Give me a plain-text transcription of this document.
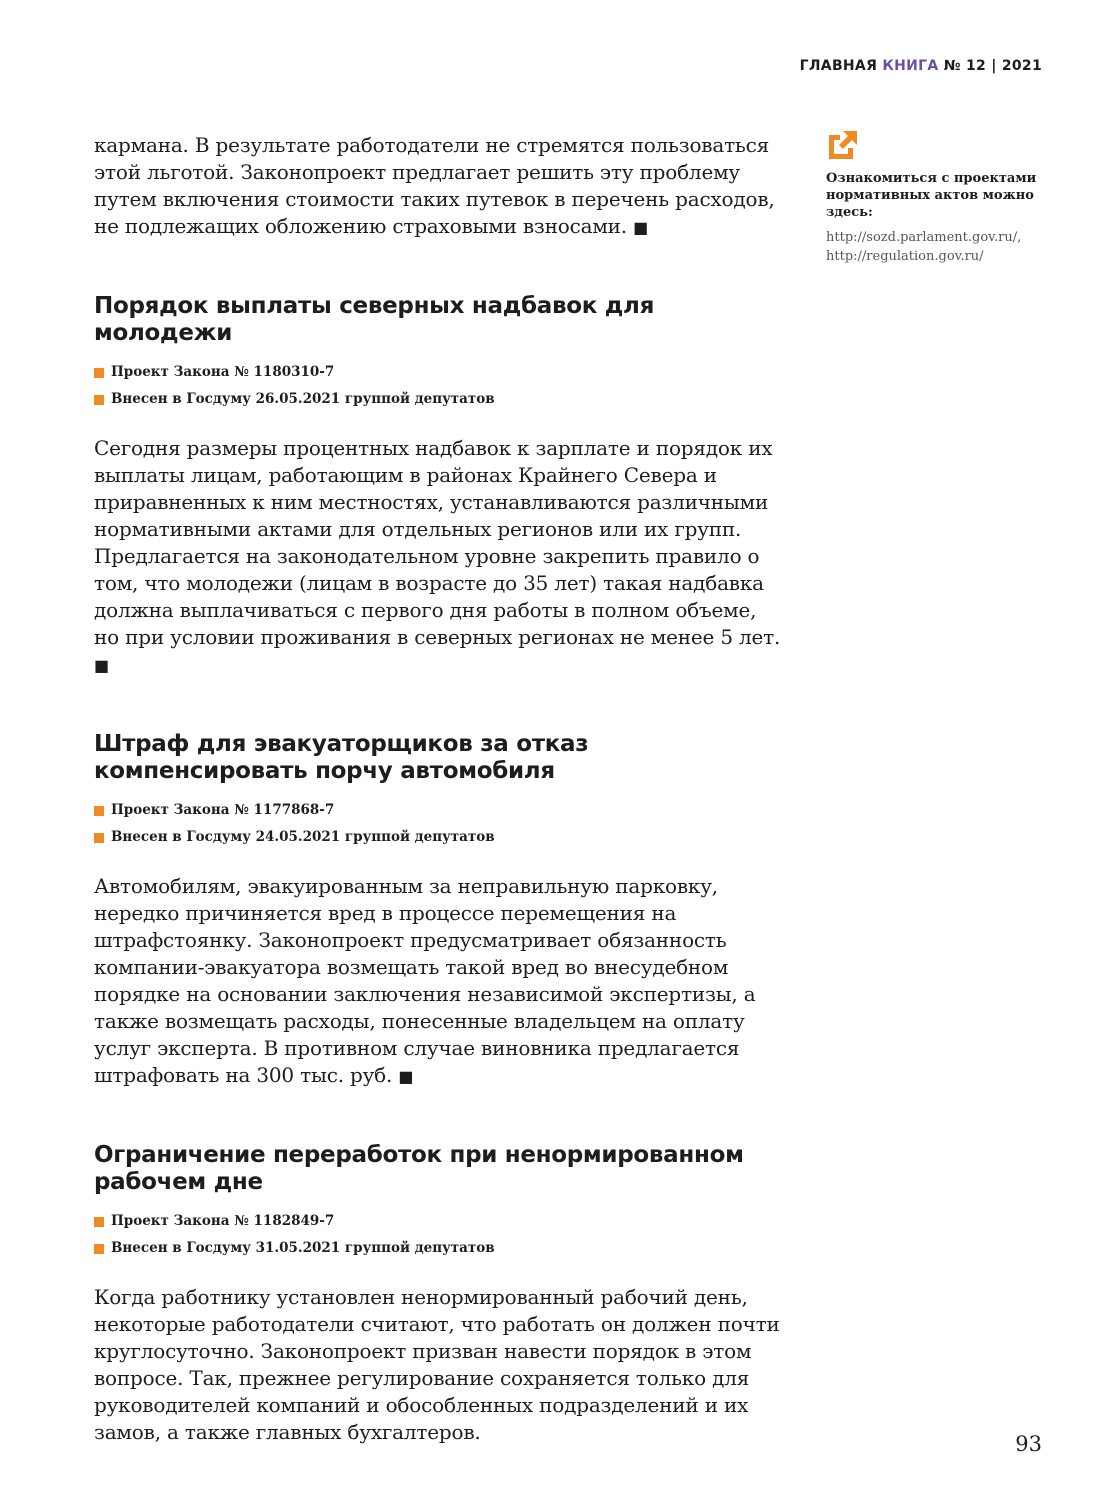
ГЛАВНАЯ КНИГА № 12 | 2021

кармана. В результате работодатели не стремятся пользоваться этой льготой. Законопроект предлагает решить эту проблему путем включения стоимости таких путевок в перечень расходов, не подлежащих обложению страховыми взносами. ■

Порядок выплаты северных надбавок для молодежи
Проект Закона № 1180310-7
Внесен в Госдуму 26.05.2021 группой депутатов

Сегодня размеры процентных надбавок к зарплате и порядок их выплаты лицам, работающим в районах Крайнего Севера и приравненных к ним местностях, устанавливаются различными нормативными актами для отдельных регионов или их групп. Предлагается на законодательном уровне закрепить правило о том, что молодежи (лицам в возрасте до 35 лет) такая надбавка должна выплачиваться с первого дня работы в полном объеме, но при условии проживания в северных регионах не менее 5 лет. ■

Штраф для эвакуаторщиков за отказ компенсировать порчу автомобиля
Проект Закона № 1177868-7
Внесен в Госдуму 24.05.2021 группой депутатов

Автомобилям, эвакуированным за неправильную парковку, нередко причиняется вред в процессе перемещения на штрафстоянку. Законопроект предусматривает обязанность компании-эвакуатора возмещать такой вред во внесудебном порядке на основании заключения независимой экспертизы, а также возмещать расходы, понесенные владельцем на оплату услуг эксперта. В противном случае виновника предлагается штрафовать на 300 тыс. руб. ■

Ограничение переработок при ненормированном рабочем дне
Проект Закона № 1182849-7
Внесен в Госдуму 31.05.2021 группой депутатов

Когда работнику установлен ненормированный рабочий день, некоторые работодатели считают, что работать он должен почти круглосуточно. Законопроект призван навести порядок в этом вопросе. Так, прежнее регулирование сохраняется только для руководителей компаний и обособленных подразделений и их замов, а также главных бухгалтеров.

Ознакомиться с проектами нормативных актов можно здесь:

http://sozd.parlament.gov.ru/,
http://regulation.gov.ru/
93
